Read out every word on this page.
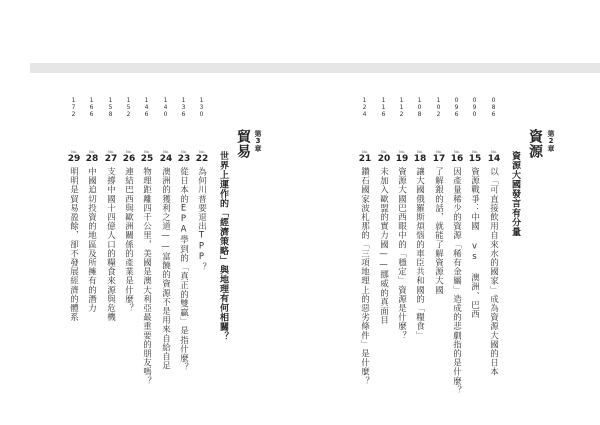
第2章
資源
資源大國發言有分量
086
No.
14
以「可直接飲用自來水的國家」成為資源大國的日本
090
No.
15
資源戰爭：中國 vs 澳洲、巴西
096
No.
16
因產量稀少的資源「稀有金屬」造成的悲劇指的是什麼？
102
No.
17
了解銀的話，就能了解資源大國
108
No.
18
讓大國俄羅斯煩惱的車臣共和國的「糧食」
112
No.
19
資源大國巴西眼中的「穩定」資源是什麼？
116
No.
20
未加入歐盟的實力國——挪威的真面目
124
No.
21
鑽石國家波札那的「三項地理上的惡劣條件」是什麼？
第3章
貿易
世界上運作的「經濟策略」與地理有何相關？
130
No.
22
為何川普要退出TPP？
136
No.
23
從日本的EPA學到的「真正的雙贏」是指什麼？
140
No.
24
澳洲的獲利之道——富饒的資源不是用來自給自足
146
No.
25
物理距離四千公里，美國是澳大利亞最重要的朋友嗎？
152
No.
26
連結巴西與歐洲關係的產業是什麼？
158
No.
27
支撐中國十四億人口的糧食來源與危機
166
No.
28
中國迫切投資的地區及所擁有的潛力
172
No.
29
明明是貿易盈餘，卻不發展經濟的體系
